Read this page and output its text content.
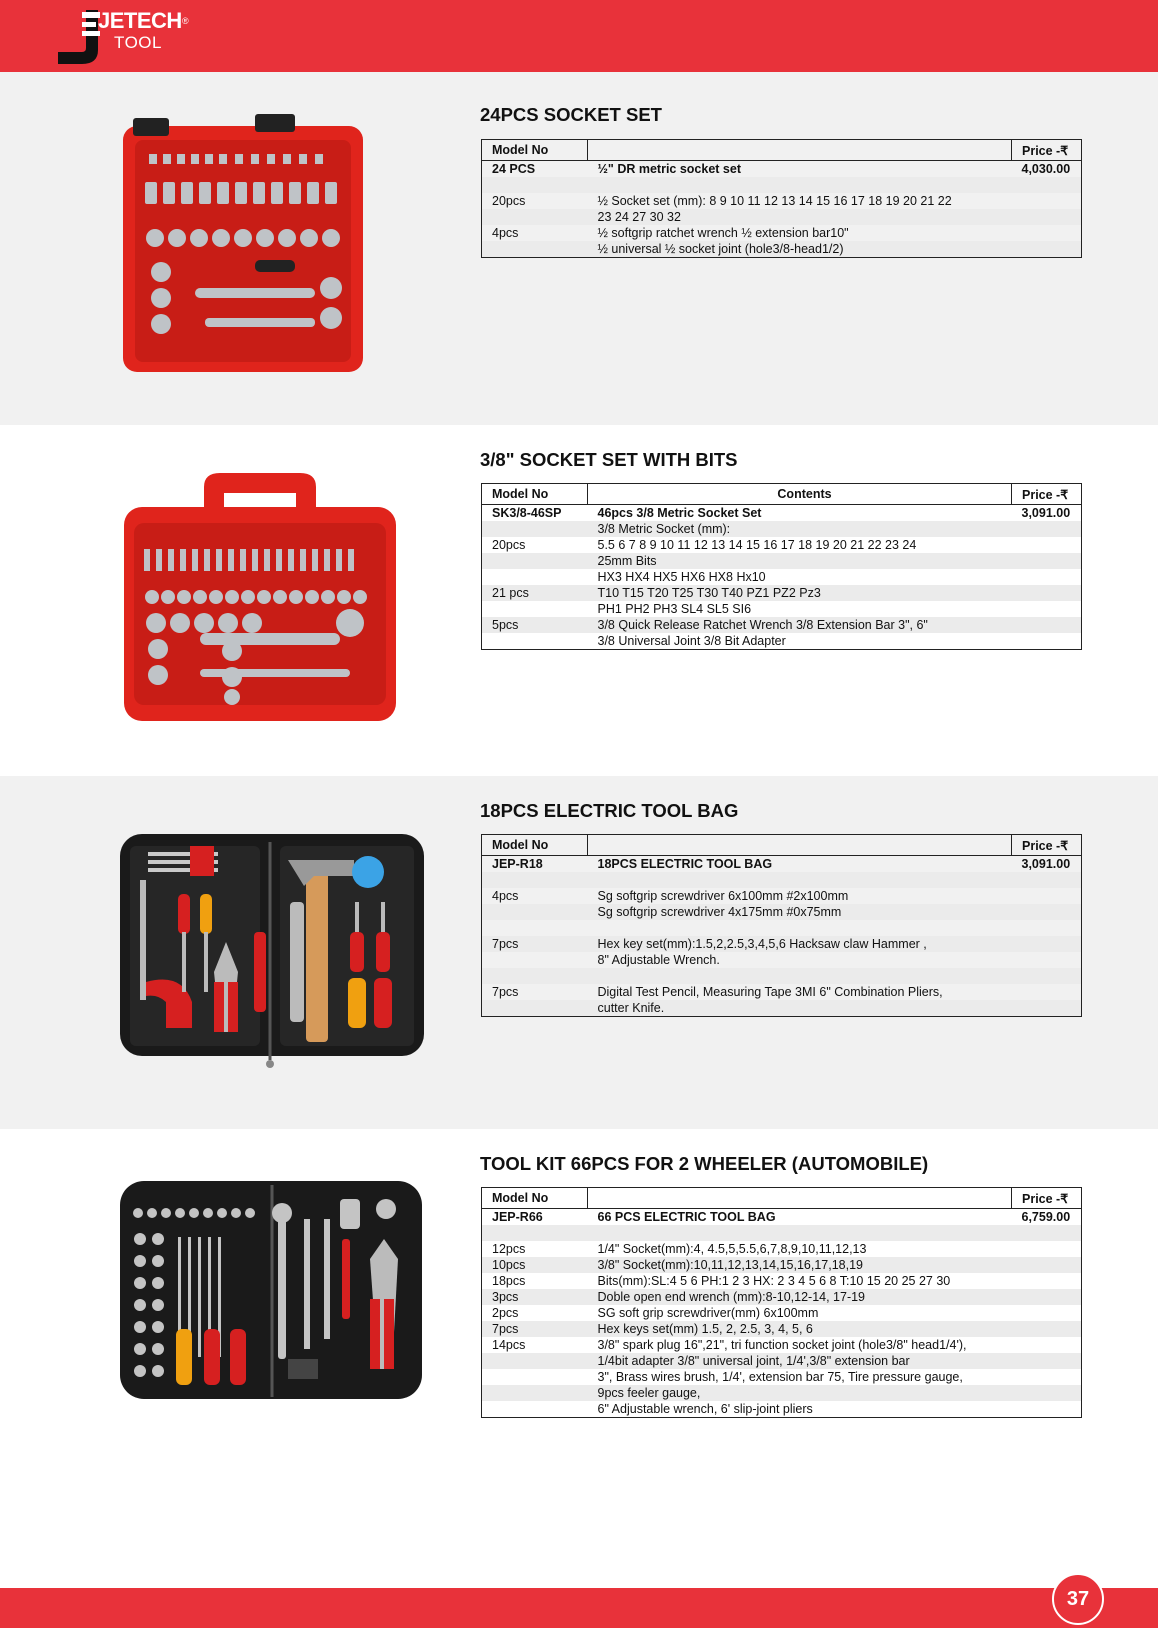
JETECH ®
TOOL
24PCS SOCKET SET
Model No		Price -₹
24 PCS	½" DR metric socket set	4,030.00

20pcs	½ Socket set (mm): 8 9 10 11 12 13 14 15 16 17 18 19 20 21 22	
	23 24 27 30 32	
4pcs	½ softgrip ratchet wrench ½ extension bar10"	
	½ universal ½ socket joint (hole3/8-head1/2)	
3/8" SOCKET SET WITH BITS
Model No	Contents	Price -₹
SK3/8-46SP	46pcs 3/8 Metric Socket Set	3,091.00
	3/8 Metric Socket (mm):	
20pcs	5.5 6 7 8 9 10 11 12 13 14 15 16 17 18 19 20 21 22 23 24	
	25mm Bits	
	HX3 HX4 HX5 HX6 HX8 Hx10	
21 pcs	T10 T15 T20 T25 T30 T40 PZ1 PZ2 Pz3	
	PH1 PH2 PH3 SL4 SL5 SI6	
5pcs	3/8 Quick Release Ratchet Wrench 3/8 Extension Bar 3", 6"	
	3/8 Universal Joint 3/8 Bit Adapter	
18PCS ELECTRIC TOOL BAG
Model No		Price -₹
JEP-R18	18PCS ELECTRIC TOOL BAG	3,091.00

4pcs	Sg softgrip screwdriver 6x100mm #2x100mm	
	Sg softgrip screwdriver 4x175mm #0x75mm	

7pcs	Hex key set(mm):1.5,2,2.5,3,4,5,6 Hacksaw claw Hammer ,	
	8" Adjustable Wrench.	

7pcs	Digital Test Pencil, Measuring Tape 3MI 6" Combination Pliers,	
	cutter Knife.	
TOOL KIT 66PCS FOR 2 WHEELER (AUTOMOBILE)
Model No		Price -₹
JEP-R66	66 PCS ELECTRIC TOOL BAG	6,759.00

12pcs	1/4" Socket(mm):4, 4.5,5,5.5,6,7,8,9,10,11,12,13	
10pcs	3/8" Socket(mm):10,11,12,13,14,15,16,17,18,19	
18pcs	Bits(mm):SL:4 5 6 PH:1 2 3 HX: 2 3 4 5 6 8 T:10 15 20 25 27 30	
3pcs	Doble open end wrench (mm):8-10,12-14, 17-19	
2pcs	SG soft grip screwdriver(mm) 6x100mm	
7pcs	Hex keys set(mm) 1.5, 2, 2.5, 3, 4, 5, 6	
14pcs	3/8" spark plug 16",21", tri function socket joint (hole3/8" head1/4'),	
	1/4bit adapter 3/8" universal joint, 1/4',3/8" extension bar	
	3", Brass wires brush, 1/4', extension bar 75, Tire pressure gauge,	
	9pcs feeler gauge,	
	6" Adjustable wrench, 6' slip-joint pliers	
37
